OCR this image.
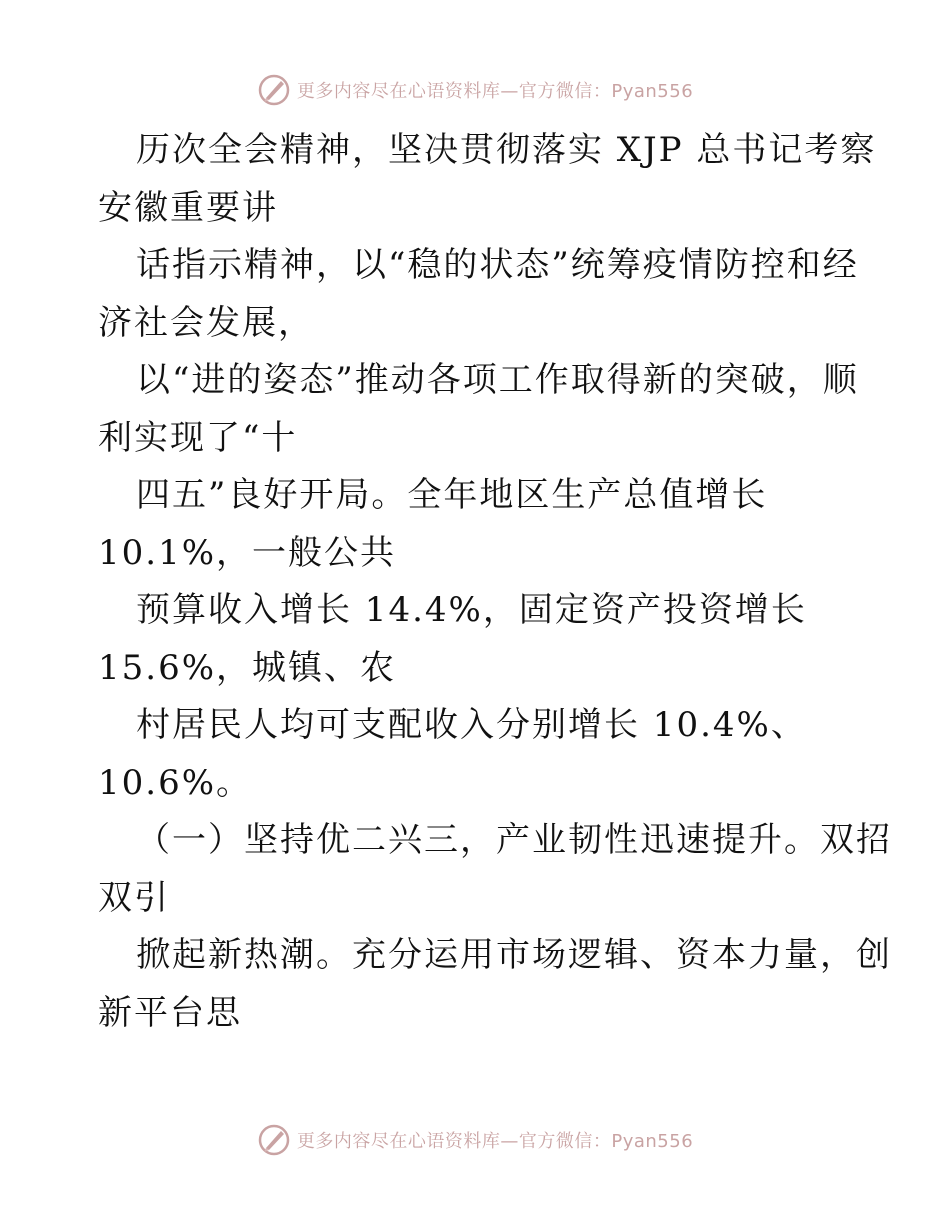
更多内容尽在心语资料库—官方微信：Pyan556
历次全会精神，坚决贯彻落实 XJP 总书记考察
安徽重要讲
话指示精神，以“稳的状态”统筹疫情防控和经
济社会发展，
以“进的姿态”推动各项工作取得新的突破，顺
利实现了“十
四五”良好开局。全年地区生产总值增长
10.1%，一般公共
预算收入增长 14.4%，固定资产投资增长
15.6%，城镇、农
村居民人均可支配收入分别增长 10.4%、
10.6%。
（一）坚持优二兴三，产业韧性迅速提升。双招
双引
掀起新热潮。充分运用市场逻辑、资本力量，创
新平台思
更多内容尽在心语资料库—官方微信：Pyan556
